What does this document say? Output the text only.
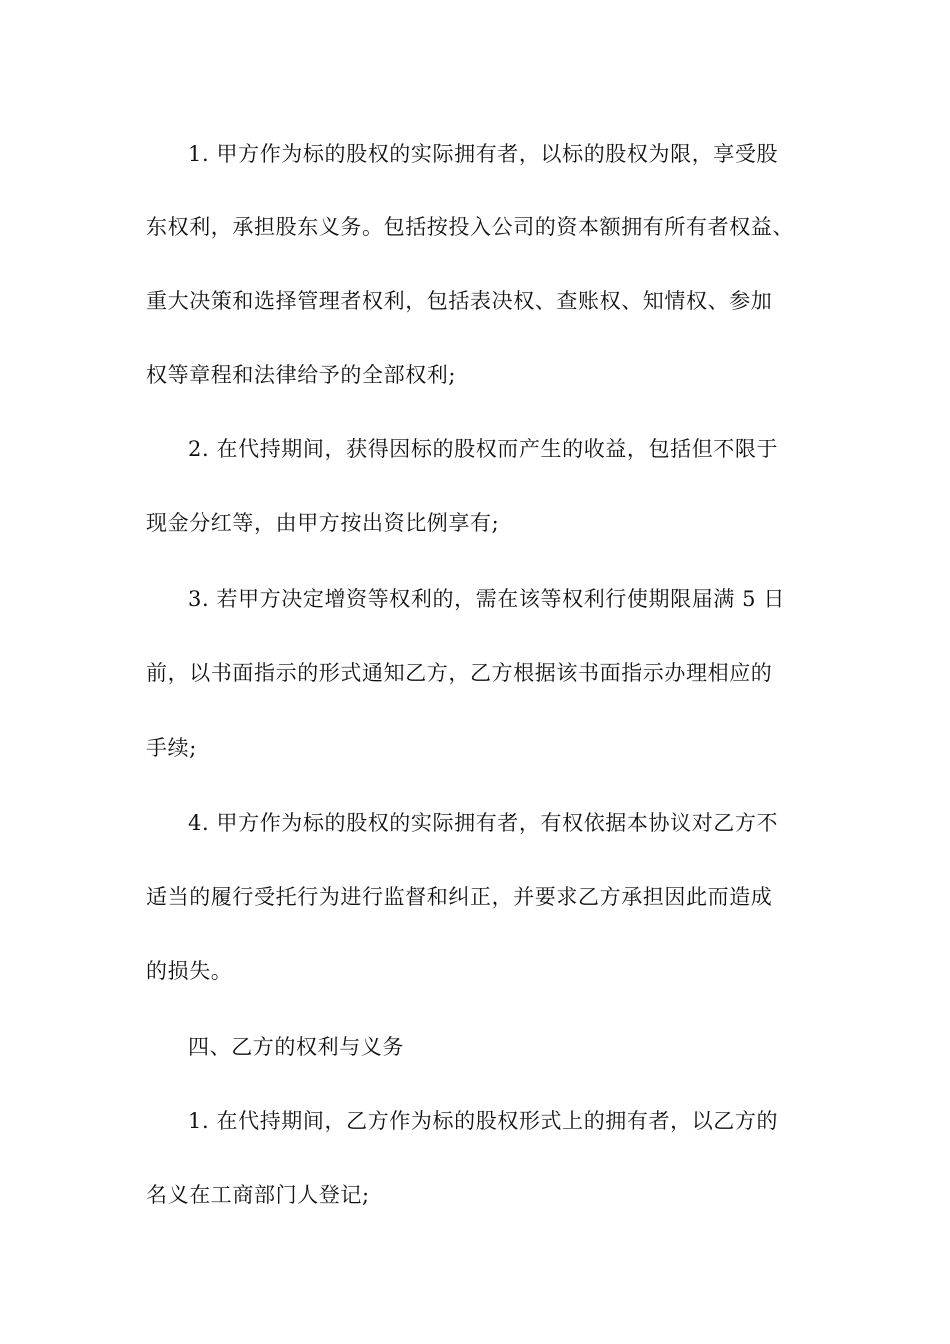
1. 甲方作为标的股权的实际拥有者，以标的股权为限，享受股
东权利，承担股东义务。包括按投入公司的资本额拥有所有者权益、
重大决策和选择管理者权利，包括表决权、查账权、知情权、参加
权等章程和法律给予的全部权利;
2. 在代持期间，获得因标的股权而产生的收益，包括但不限于
现金分红等，由甲方按出资比例享有;
3. 若甲方决定增资等权利的，需在该等权利行使期限届满 5 日
前，以书面指示的形式通知乙方，乙方根据该书面指示办理相应的
手续;
4. 甲方作为标的股权的实际拥有者，有权依据本协议对乙方不
适当的履行受托行为进行监督和纠正，并要求乙方承担因此而造成
的损失。
四、乙方的权利与义务
1. 在代持期间，乙方作为标的股权形式上的拥有者，以乙方的
名义在工商部门人登记;
